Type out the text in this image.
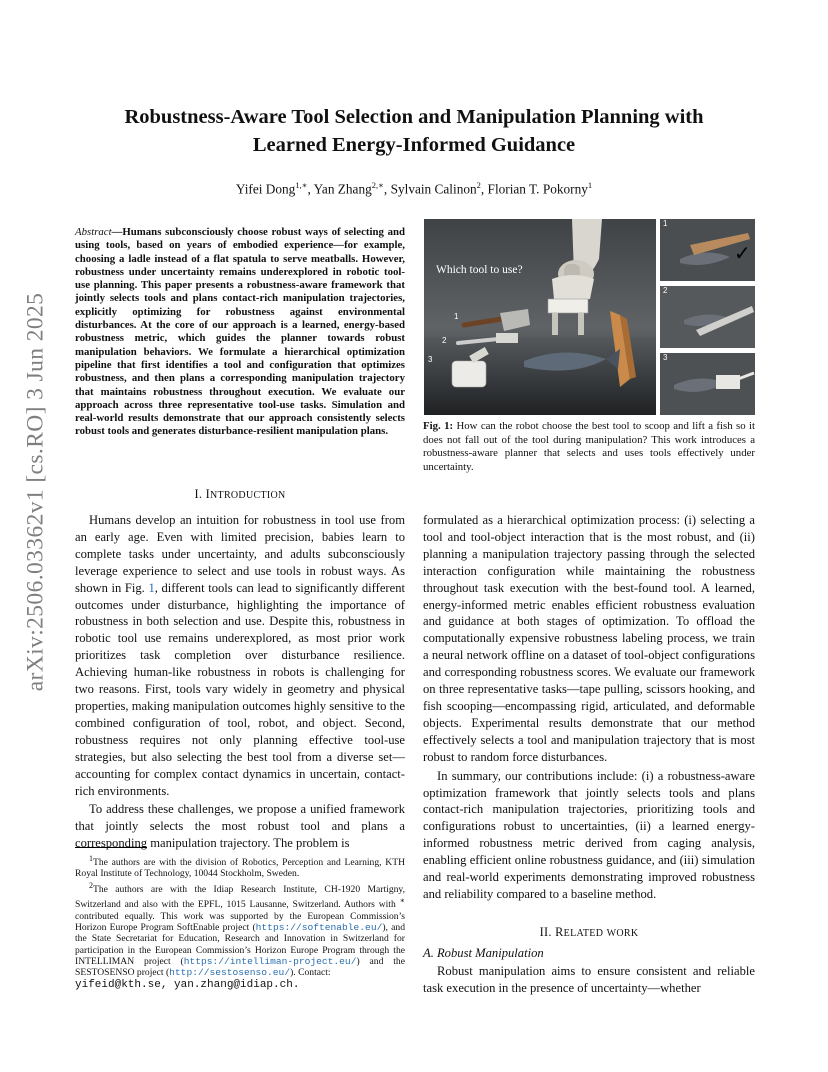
Robustness-Aware Tool Selection and Manipulation Planning with
Learned Energy-Informed Guidance
Yifei Dong$^{1,∗}$, Yan Zhang$^{2,∗}$, Sylvain Calinon$^2$, Florian T. Pokorny$^1$
arXiv:2506.03362v1 [cs.RO] 3 Jun 2025
Abstract—Humans subconsciously choose robust ways of selecting and using tools, based on years of embodied experience—for example, choosing a ladle instead of a flat spatula to serve meatballs. However, robustness under uncertainty remains underexplored in robotic tool-use planning. This paper presents a robustness-aware framework that jointly selects tools and plans contact-rich manipulation trajectories, explicitly optimizing for robustness against environmental disturbances. At the core of our approach is a learned, energy-based robustness metric, which guides the planner towards robust manipulation behaviors. We formulate a hierarchical optimization pipeline that first identifies a tool and configuration that optimizes robustness, and then plans a corresponding manipulation trajectory that maintains robustness throughout execution. We evaluate our approach across three representative tool-use tasks. Simulation and real-world results demonstrate that our approach consistently selects robust tools and generates disturbance-resilient manipulation plans.
Which tool to use?
1
2
3
1
✓
2
3
Fig. 1: How can the robot choose the best tool to scoop and lift a fish so it does not fall out of the tool during manipulation? This work introduces a robustness-aware planner that selects and uses tools effectively under uncertainty.
I. INTRODUCTION

Humans develop an intuition for robustness in tool use from an early age. Even with limited precision, babies learn to complete tasks under uncertainty, and adults subconsciously leverage experience to select and use tools in robust ways. As shown in Fig. 1, different tools can lead to significantly different outcomes under disturbance, highlighting the importance of robustness in both selection and use. Despite this, robustness in robotic tool use remains underexplored, as most prior work prioritizes task completion over disturbance resilience. Achieving human-like robustness in robots is challenging for two reasons. First, tools vary widely in geometry and physical properties, making manipulation outcomes highly sensitive to the combined configuration of tool, robot, and object. Second, robustness requires not only planning effective tool-use strategies, but also selecting the best tool from a diverse set—accounting for complex contact dynamics in uncertain, contact-rich environments.

To address these challenges, we propose a unified framework that jointly selects the most robust tool and plans a corresponding manipulation trajectory. The problem is

formulated as a hierarchical optimization process: (i) selecting a tool and tool-object interaction that is the most robust, and (ii) planning a manipulation trajectory passing through the selected interaction configuration while maintaining the robustness throughout task execution with the best-found tool. A learned, energy-informed metric enables efficient robustness evaluation and guidance at both stages of optimization. To offload the computationally expensive robustness labeling process, we train a neural network offline on a dataset of tool-object configurations and corresponding robustness scores. We evaluate our framework on three representative tasks—tape pulling, scissors hooking, and fish scooping—encompassing rigid, articulated, and deformable objects. Experimental results demonstrate that our method effectively selects a tool and manipulation trajectory that is most robust to random force disturbances.

In summary, our contributions include: (i) a robustness-aware optimization framework that jointly selects tools and plans contact-rich manipulation trajectories, prioritizing tools and configurations robust to uncertainties, (ii) a learned energy-informed robustness metric derived from caging analysis, enabling efficient online robustness guidance, and (iii) simulation and real-world experiments demonstrating improved robustness and reliability compared to a baseline method.

II. RELATED WORK
A. Robust Manipulation

Robust manipulation aims to ensure consistent and reliable task execution in the presence of uncertainty—whether

$^1$The authors are with the division of Robotics, Perception and Learning, KTH Royal Institute of Technology, 10044 Stockholm, Sweden.

$^2$The authors are with the Idiap Research Institute, CH-1920 Martigny, Switzerland and also with the EPFL, 1015 Lausanne, Switzerland. Authors with ∗ contributed equally. This work was supported by the European Commission’s Horizon Europe Program SoftEnable project (https://softenable.eu/), and the State Secretariat for Education, Research and Innovation in Switzerland for participation in the European Commission’s Horizon Europe Program through the INTELLIMAN project (https://intelliman-project.eu/) and the SESTOSENSO project (http://sestosenso.eu/). Contact:
yifeid@kth.se, yan.zhang@idiap.ch.
